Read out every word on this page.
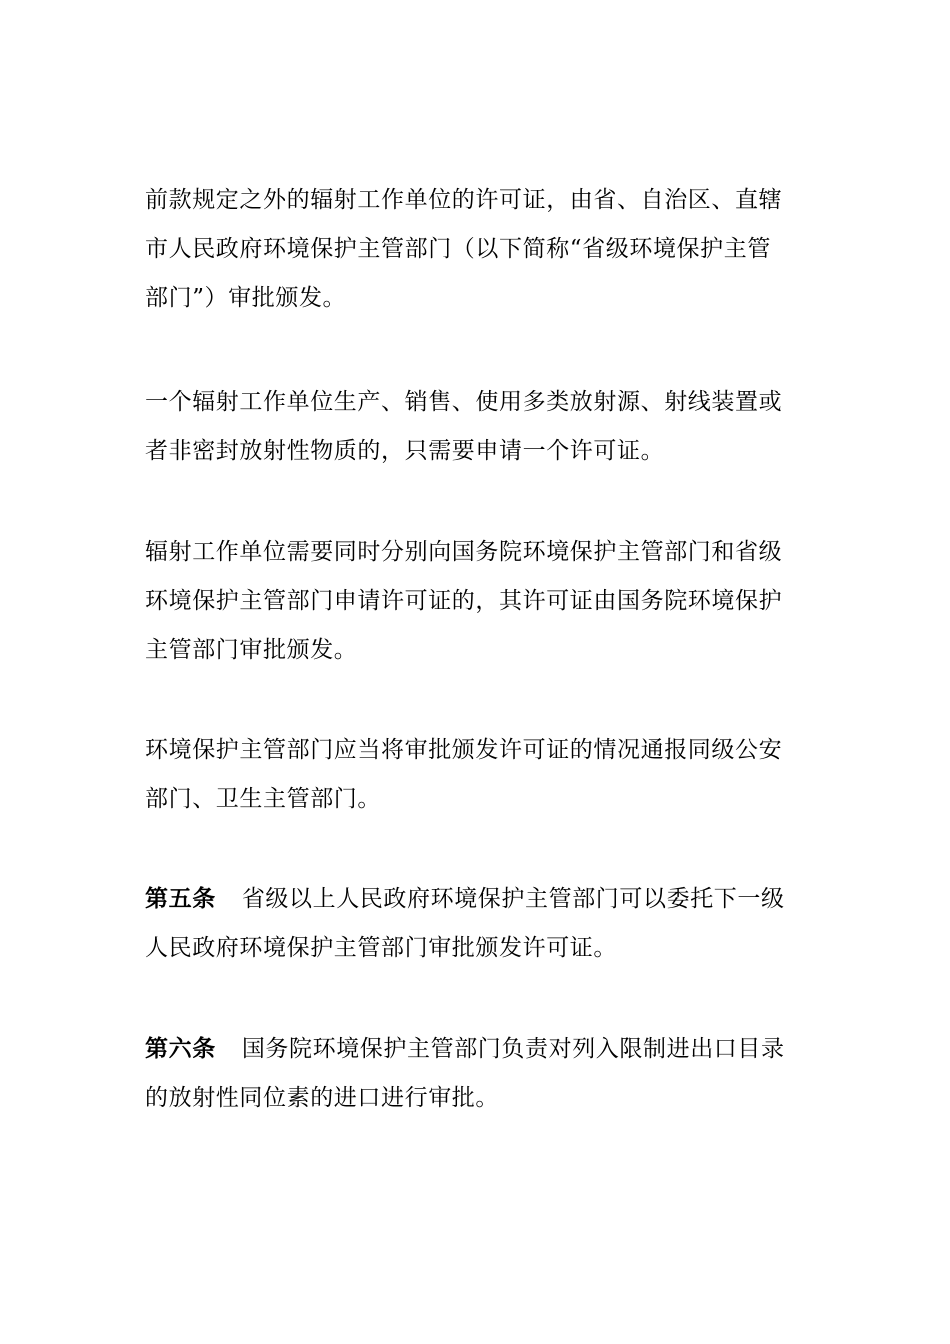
前款规定之外的辐射工作单位的许可证，由省、自治区、直辖
市人民政府环境保护主管部门（以下简称“省级环境保护主管
部门”）审批颁发。

一个辐射工作单位生产、销售、使用多类放射源、射线装置或
者非密封放射性物质的，只需要申请一个许可证。

辐射工作单位需要同时分别向国务院环境保护主管部门和省级
环境保护主管部门申请许可证的，其许可证由国务院环境保护
主管部门审批颁发。

环境保护主管部门应当将审批颁发许可证的情况通报同级公安
部门、卫生主管部门。

第五条 省级以上人民政府环境保护主管部门可以委托下一级
人民政府环境保护主管部门审批颁发许可证。

第六条 国务院环境保护主管部门负责对列入限制进出口目录
的放射性同位素的进口进行审批。
